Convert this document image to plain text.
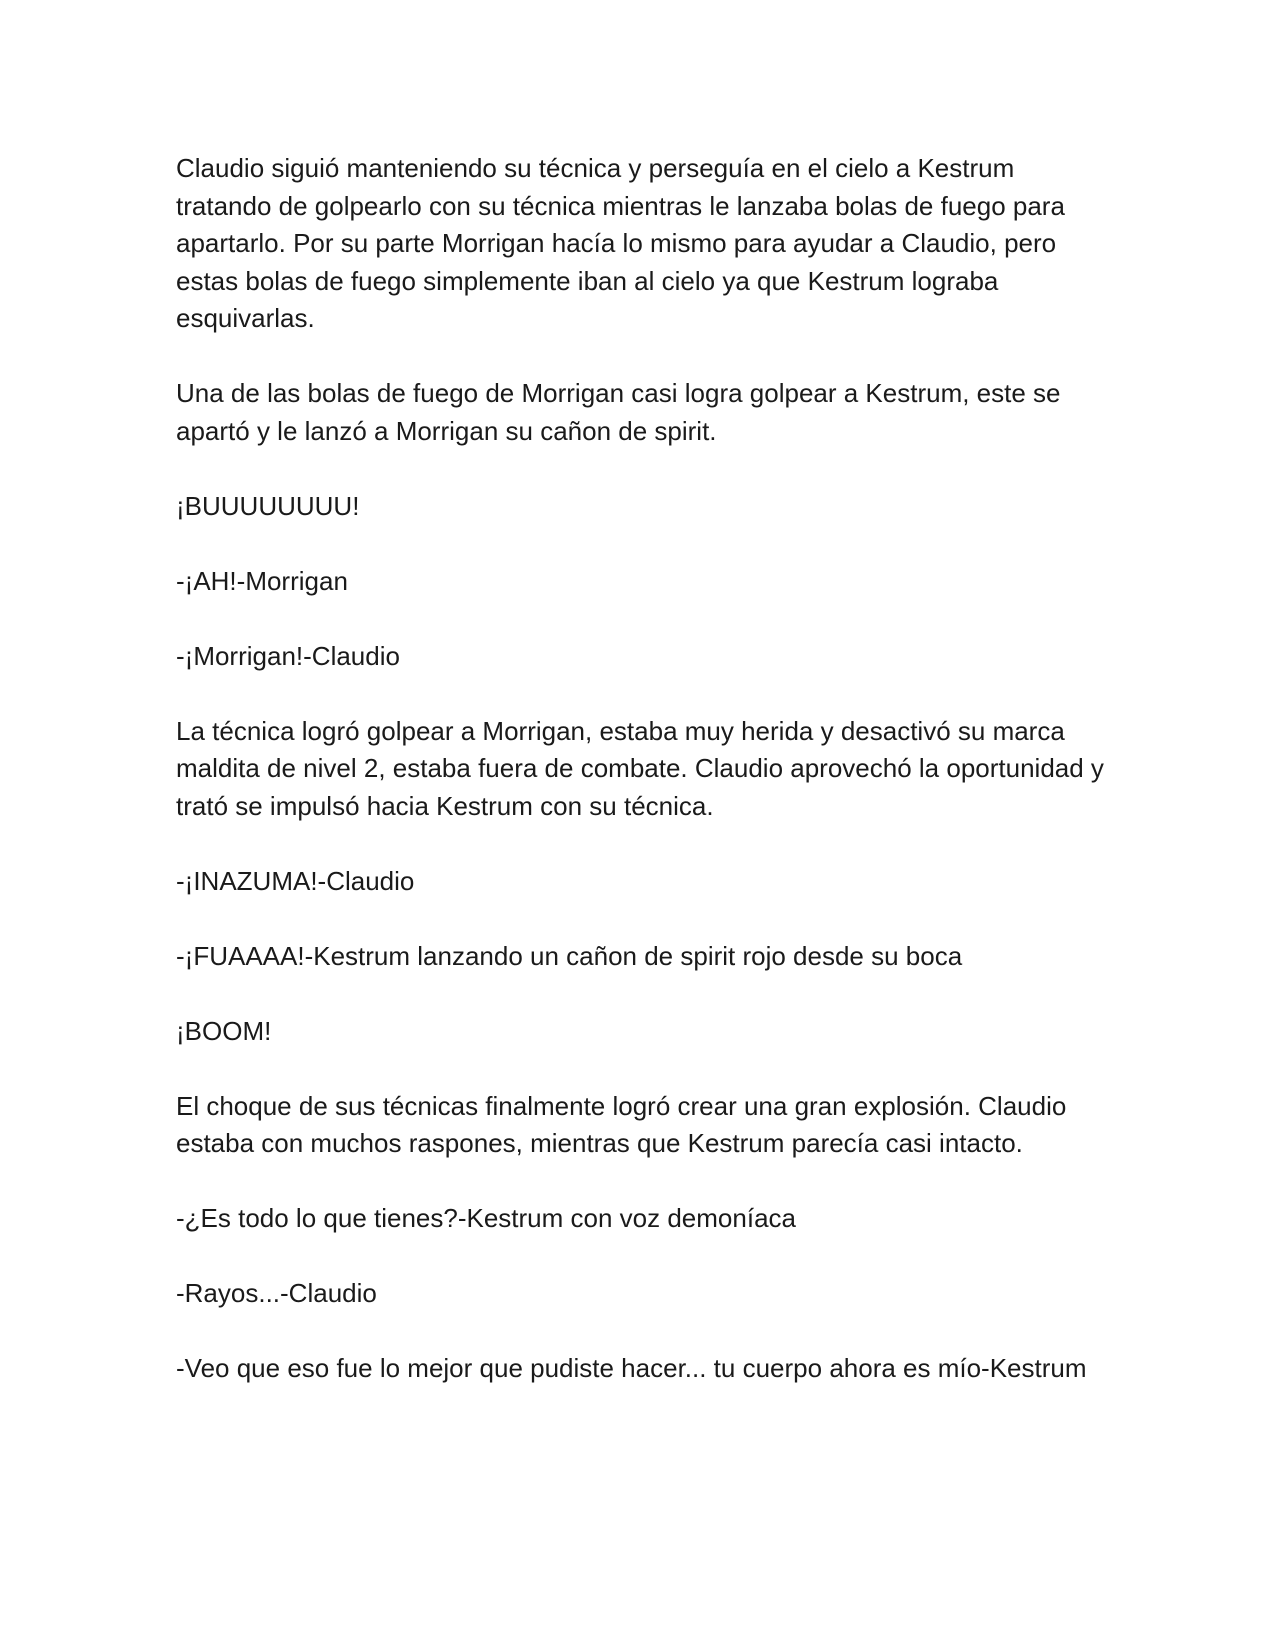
Claudio siguió manteniendo su técnica y perseguía en el cielo a Kestrum tratando de golpearlo con su técnica mientras le lanzaba bolas de fuego para apartarlo. Por su parte Morrigan hacía lo mismo para ayudar a Claudio, pero estas bolas de fuego simplemente iban al cielo ya que Kestrum lograba esquivarlas.

Una de las bolas de fuego de Morrigan casi logra golpear a Kestrum, este se apartó y le lanzó a Morrigan su cañon de spirit.

¡BUUUUUUUU!

-¡AH!-Morrigan

-¡Morrigan!-Claudio

La técnica logró golpear a Morrigan, estaba muy herida y desactivó su marca maldita de nivel 2, estaba fuera de combate. Claudio aprovechó la oportunidad y trató se impulsó hacia Kestrum con su técnica.

-¡INAZUMA!-Claudio

-¡FUAAAA!-Kestrum lanzando un cañon de spirit rojo desde su boca

¡BOOM!

El choque de sus técnicas finalmente logró crear una gran explosión. Claudio estaba con muchos raspones, mientras que Kestrum parecía casi intacto.

-¿Es todo lo que tienes?-Kestrum con voz demoníaca

-Rayos...-Claudio

-Veo que eso fue lo mejor que pudiste hacer... tu cuerpo ahora es mío-Kestrum
